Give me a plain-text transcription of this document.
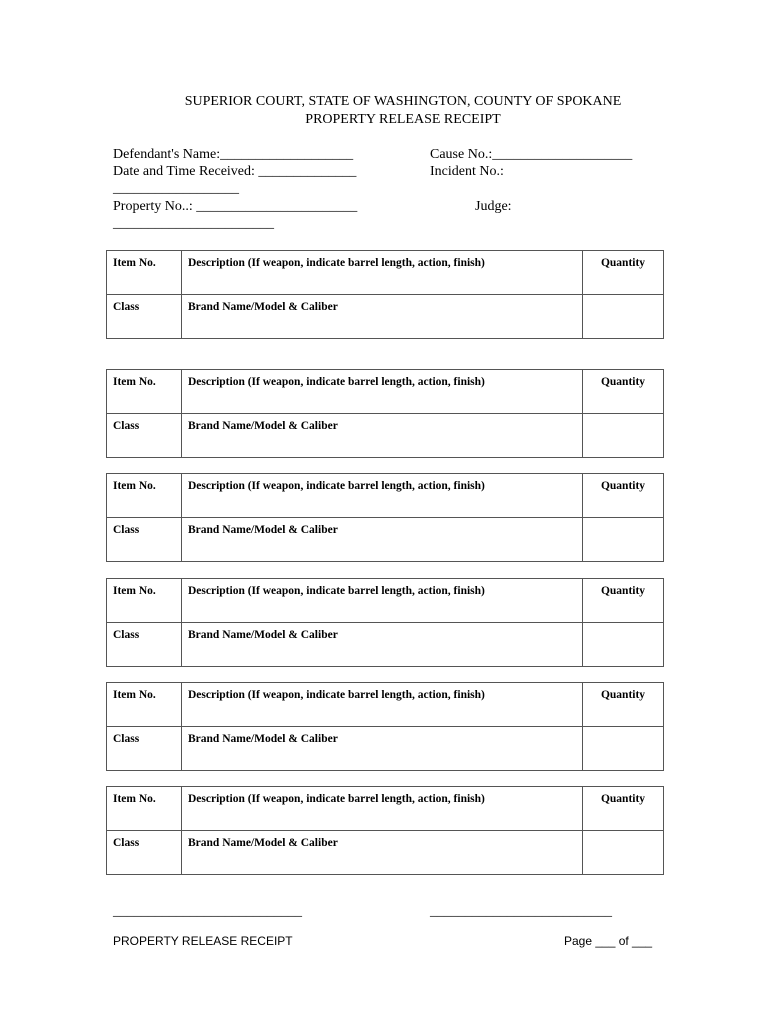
SUPERIOR COURT, STATE OF WASHINGTON, COUNTY OF SPOKANE
PROPERTY RELEASE RECEIPT
Defendant's Name:___________________	Cause No.:____________________
Date and Time Received: ______________	Incident No.:
__________________
Property No..: _______________________	Judge:
_______________________
Item No.	Description (If weapon, indicate barrel length, action, finish)	Quantity
Class	Brand Name/Model & Caliber	
Item No.	Description (If weapon, indicate barrel length, action, finish)	Quantity
Class	Brand Name/Model & Caliber	
Item No.	Description (If weapon, indicate barrel length, action, finish)	Quantity
Class	Brand Name/Model & Caliber	
Item No.	Description (If weapon, indicate barrel length, action, finish)	Quantity
Class	Brand Name/Model & Caliber	
Item No.	Description (If weapon, indicate barrel length, action, finish)	Quantity
Class	Brand Name/Model & Caliber	
Item No.	Description (If weapon, indicate barrel length, action, finish)	Quantity
Class	Brand Name/Model & Caliber	
___________________________	__________________________
PROPERTY RELEASE RECEIPT	Page ___ of ___
